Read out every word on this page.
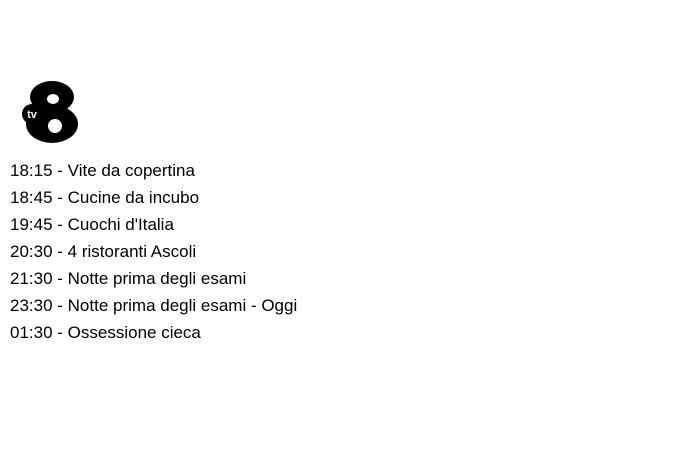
tv
18:15 - Vite da copertina
18:45 - Cucine da incubo
19:45 - Cuochi d'Italia
20:30 - 4 ristoranti Ascoli
21:30 - Notte prima degli esami
23:30 - Notte prima degli esami - Oggi
01:30 - Ossessione cieca
